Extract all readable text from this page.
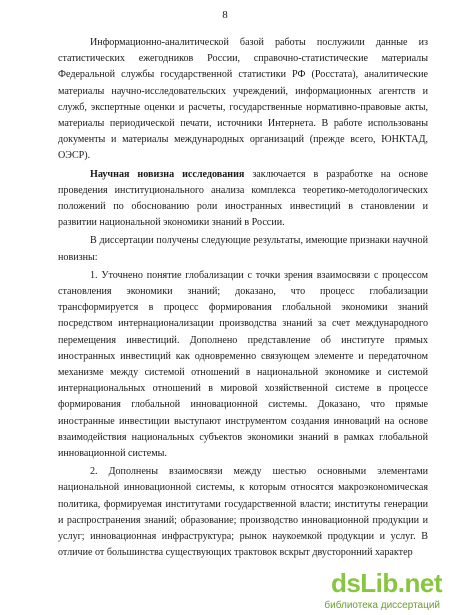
8

Информационно-аналитической базой работы послужили данные из статистических ежегодников России, справочно-статистические материалы Федеральной службы государственной статистики РФ (Росстата), аналитические материалы научно-исследовательских учреждений, информационных агентств и служб, экспертные оценки и расчеты, государственные нормативно-правовые акты, материалы периодической печати, источники Интернета. В работе использованы документы и материалы международных организаций (прежде всего, ЮНКТАД, ОЭСР).

Научная новизна исследования заключается в разработке на основе проведения институционального анализа комплекса теоретико-методологических положений по обоснованию роли иностранных инвестиций в становлении и развитии национальной экономики знаний в России.

В диссертации получены следующие результаты, имеющие признаки научной новизны:

1. Уточнено понятие глобализации с точки зрения взаимосвязи с процессом становления экономики знаний; доказано, что процесс глобализации трансформируется в процесс формирования глобальной экономики знаний посредством интернационализации производства знаний за счет международного перемещения инвестиций. Дополнено представление об институте прямых иностранных инвестиций как одновременно связующем элементе и передаточном механизме между системой отношений в национальной экономике и системой интернациональных отношений в мировой хозяйственной системе в процессе формирования глобальной инновационной системы. Доказано, что прямые иностранные инвестиции выступают инструментом создания инноваций на основе взаимодействия национальных субъектов экономики знаний в рамках глобальной инновационной системы.

2. Дополнены взаимосвязи между шестью основными элементами национальной инновационной системы, к которым относятся макроэкономическая политика, формируемая институтами государственной власти; институты генерации и распространения знаний; образование; производство инновационной продукции и услуг; инновационная инфраструктура; рынок наукоемкой продукции и услуг. В отличие от большинства существующих трактовок вскрыт двусторонний характер

dsLib.net
библиотека диссертаций
